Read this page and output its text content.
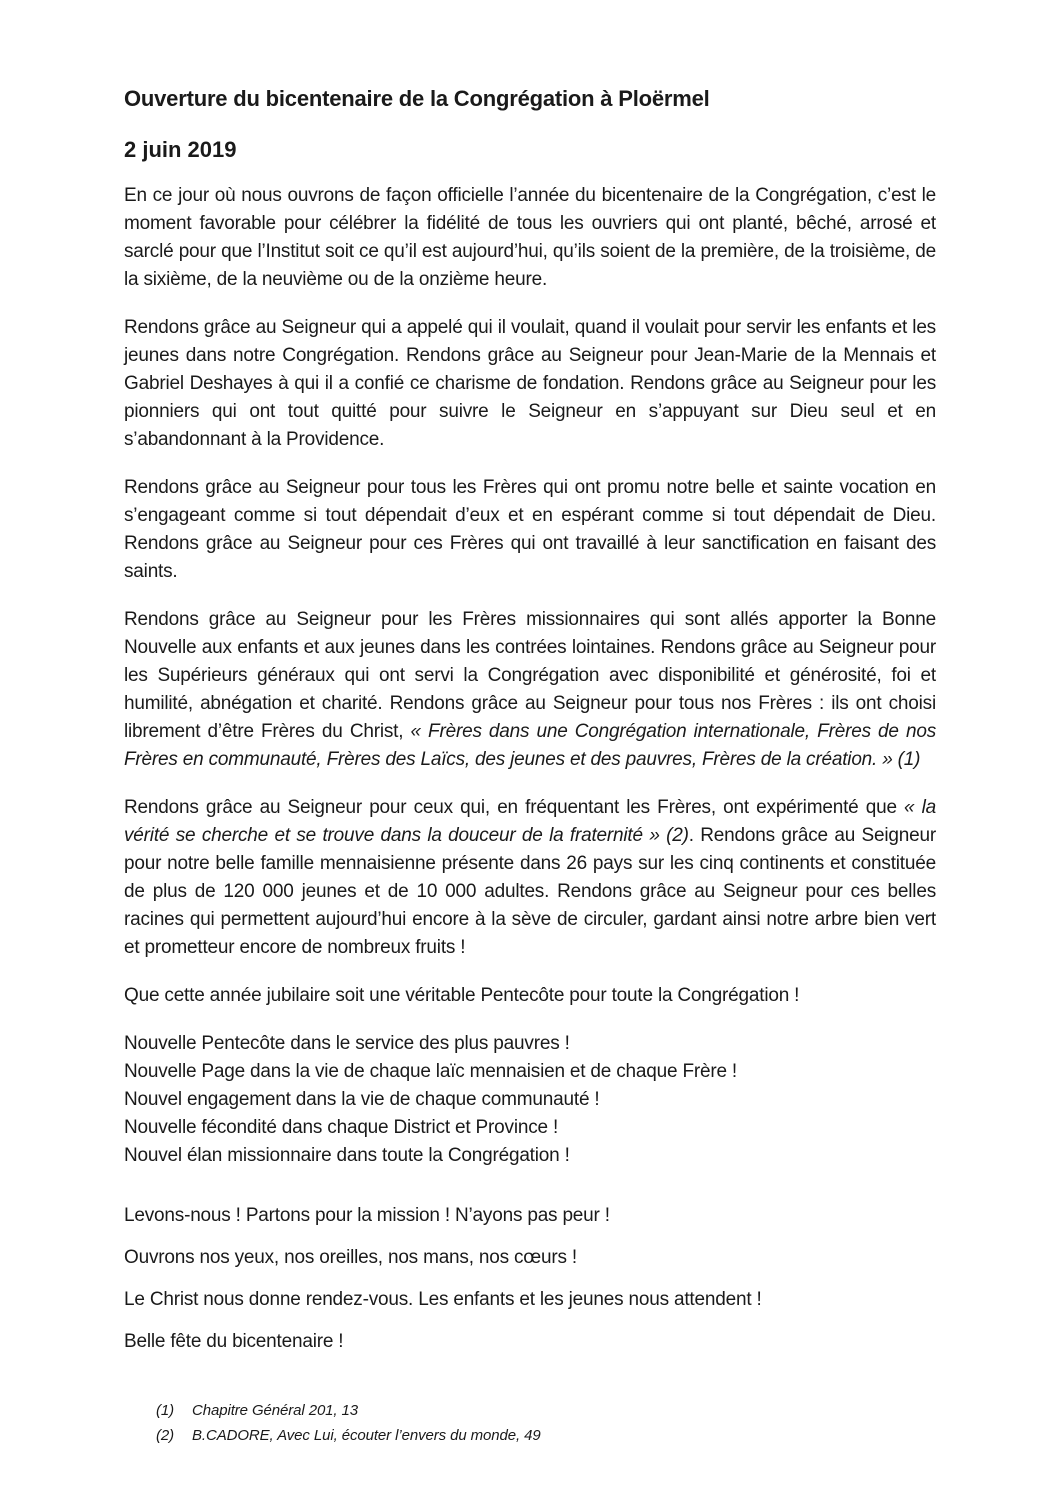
Ouverture du bicentenaire de la Congrégation à Ploërmel
2 juin 2019

En ce jour où nous ouvrons de façon officielle l’année du bicentenaire de la Congrégation, c’est le moment favorable pour célébrer la fidélité de tous les ouvriers qui ont planté, bêché, arrosé et sarclé pour que l’Institut soit ce qu’il est aujourd’hui, qu’ils soient de la première, de la troisième, de la sixième, de la neuvième ou de la onzième heure.

Rendons grâce au Seigneur qui a appelé qui il voulait, quand il voulait pour servir les enfants et les jeunes dans notre Congrégation. Rendons grâce au Seigneur pour Jean-Marie de la Mennais et Gabriel Deshayes à qui il a confié ce charisme de fondation. Rendons grâce au Seigneur pour les pionniers qui ont tout quitté pour suivre le Seigneur en s’appuyant sur Dieu seul et en s’abandonnant à la Providence.

Rendons grâce au Seigneur pour tous les Frères qui ont promu notre belle et sainte vocation en s’engageant comme si tout dépendait d’eux et en espérant comme si tout dépendait de Dieu. Rendons grâce au Seigneur pour ces Frères qui ont travaillé à leur sanctification en faisant des saints.

Rendons grâce au Seigneur pour les Frères missionnaires qui sont allés apporter la Bonne Nouvelle aux enfants et aux jeunes dans les contrées lointaines. Rendons grâce au Seigneur pour les Supérieurs généraux qui ont servi la Congrégation avec disponibilité et générosité, foi et humilité, abnégation et charité. Rendons grâce au Seigneur pour tous nos Frères : ils ont choisi librement d’être Frères du Christ, « Frères dans une Congrégation internationale, Frères de nos Frères en communauté, Frères des Laïcs, des jeunes et des pauvres, Frères de la création. » (1)

Rendons grâce au Seigneur pour ceux qui, en fréquentant les Frères, ont expérimenté que « la vérité se cherche et se trouve dans la douceur de la fraternité » (2). Rendons grâce au Seigneur pour notre belle famille mennaisienne présente dans 26 pays sur les cinq continents et constituée de plus de 120 000 jeunes et de 10 000 adultes. Rendons grâce au Seigneur pour ces belles racines qui permettent aujourd’hui encore à la sève de circuler, gardant ainsi notre arbre bien vert et prometteur encore de nombreux fruits !

Que cette année jubilaire soit une véritable Pentecôte pour toute la Congrégation !

Nouvelle Pentecôte dans le service des plus pauvres !
Nouvelle Page dans la vie de chaque laïc mennaisien et de chaque Frère !
Nouvel engagement dans la vie de chaque communauté !
Nouvelle fécondité dans chaque District et Province !
Nouvel élan missionnaire dans toute la Congrégation !

Levons-nous ! Partons pour la mission ! N’ayons pas peur !

Ouvrons nos yeux, nos oreilles, nos mans, nos cœurs !

Le Christ nous donne rendez-vous. Les enfants et les jeunes nous attendent !

Belle fête du bicentenaire !

(1)	Chapitre Général 201, 13
(2)	B.CADORE, Avec Lui, écouter l’envers du monde, 49
